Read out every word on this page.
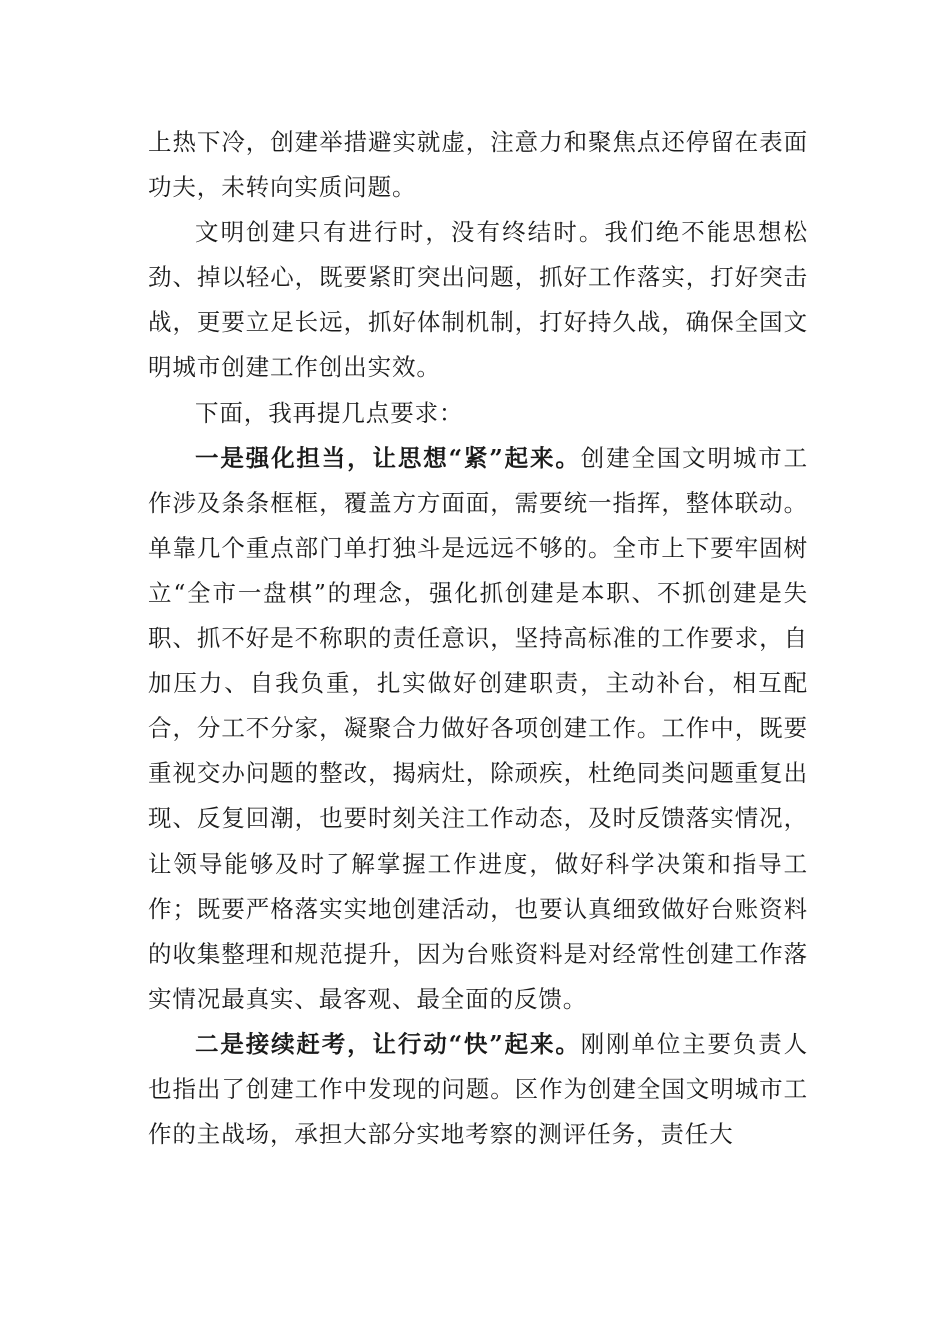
上热下冷，创建举措避实就虚，注意力和聚焦点还停留在表面功夫，未转向实质问题。

文明创建只有进行时，没有终结时。我们绝不能思想松劲、掉以轻心，既要紧盯突出问题，抓好工作落实，打好突击战，更要立足长远，抓好体制机制，打好持久战，确保全国文明城市创建工作创出实效。

下面，我再提几点要求：

一是强化担当，让思想“紧”起来。创建全国文明城市工作涉及条条框框，覆盖方方面面，需要统一指挥，整体联动。单靠几个重点部门单打独斗是远远不够的。全市上下要牢固树立“全市一盘棋”的理念，强化抓创建是本职、不抓创建是失职、抓不好是不称职的责任意识，坚持高标准的工作要求，自加压力、自我负重，扎实做好创建职责，主动补台，相互配合，分工不分家，凝聚合力做好各项创建工作。工作中，既要重视交办问题的整改，揭病灶，除顽疾，杜绝同类问题重复出现、反复回潮，也要时刻关注工作动态，及时反馈落实情况，让领导能够及时了解掌握工作进度，做好科学决策和指导工作；既要严格落实实地创建活动，也要认真细致做好台账资料的收集整理和规范提升，因为台账资料是对经常性创建工作落实情况最真实、最客观、最全面的反馈。

二是接续赶考，让行动“快”起来。刚刚单位主要负责人也指出了创建工作中发现的问题。区作为创建全国文明城市工作的主战场，承担大部分实地考察的测评任务，责任大
